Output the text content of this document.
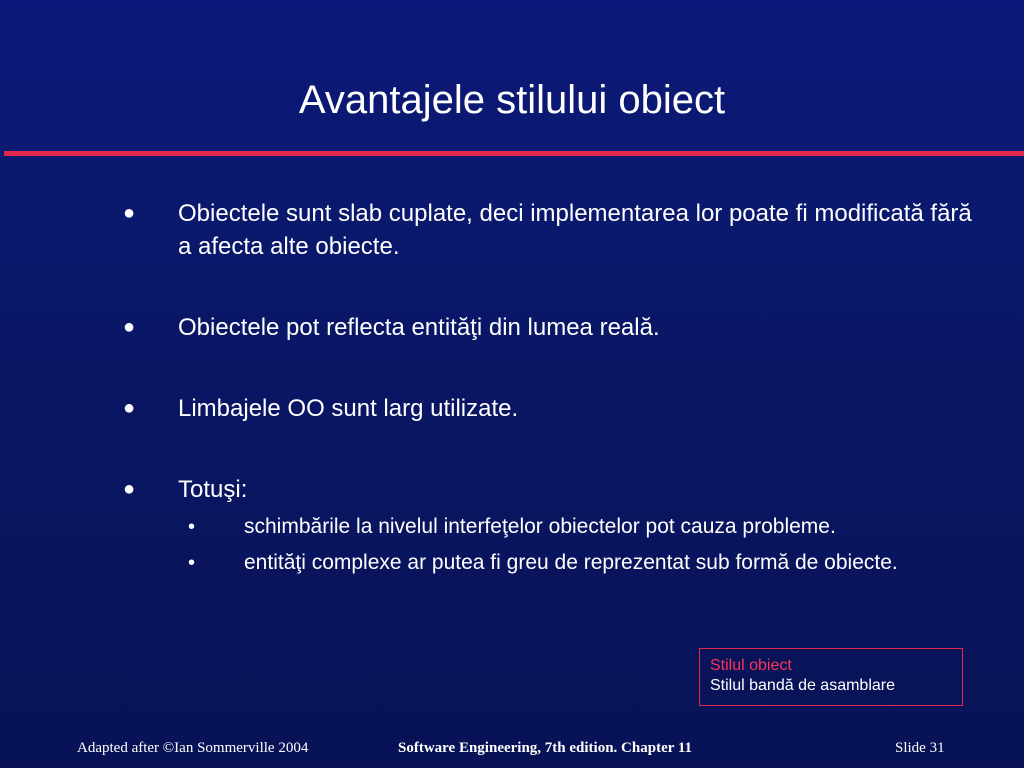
Avantajele stilului obiect
● Obiectele sunt slab cuplate, deci implementarea lor poate fi modificată fără a afecta alte obiecte.
● Obiectele pot reflecta entităţi din lumea reală.
● Limbajele OO sunt larg utilizate.
● Totuşi:
• schimbările la nivelul interfeţelor obiectelor pot cauza probleme.
• entităţi complexe ar putea fi greu de reprezentat sub formă de obiecte.
Stilul obiect
Stilul bandă de asamblare
Adapted after ©Ian Sommerville 2004	Software Engineering, 7th edition. Chapter 11	Slide 31
